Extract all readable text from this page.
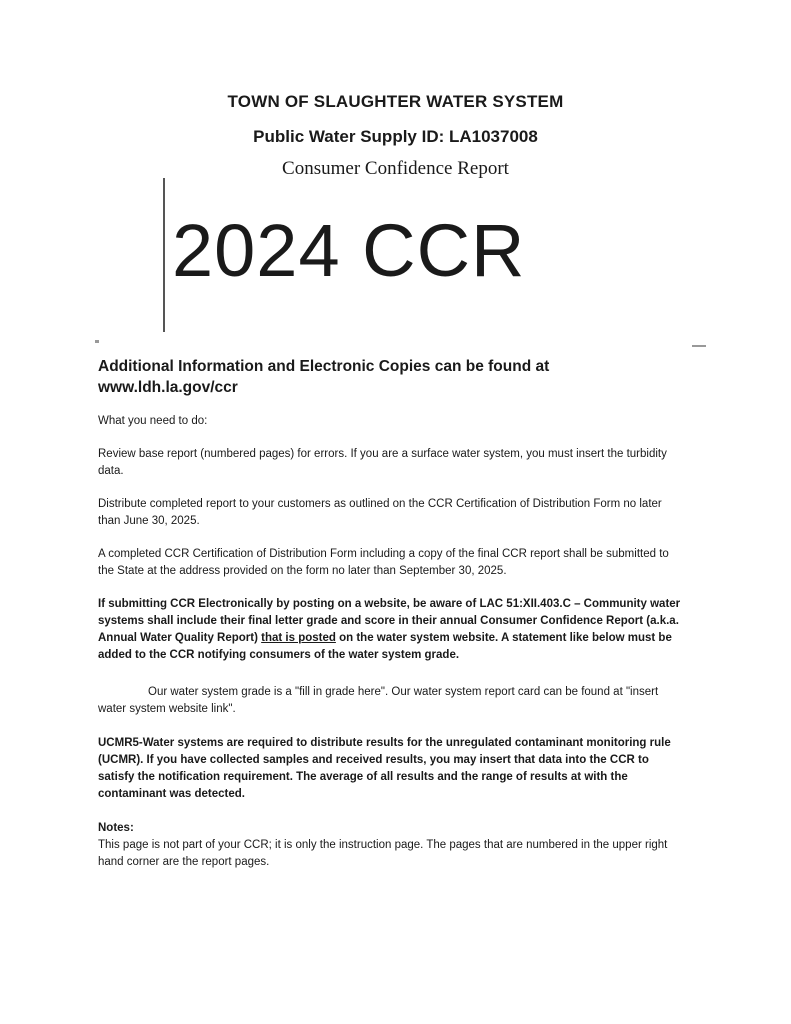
TOWN OF SLAUGHTER WATER SYSTEM
Public Water Supply ID: LA1037008
Consumer Confidence Report
2024 CCR
Additional Information and Electronic Copies can be found at
www.ldh.la.gov/ccr

What you need to do:

Review base report (numbered pages) for errors. If you are a surface water system, you must insert the turbidity data.

Distribute completed report to your customers as outlined on the CCR Certification of Distribution Form no later than June 30, 2025.

A completed CCR Certification of Distribution Form including a copy of the final CCR report shall be submitted to the State at the address provided on the form no later than September 30, 2025.

If submitting CCR Electronically by posting on a website, be aware of LAC 51:XII.403.C – Community water systems shall include their final letter grade and score in their annual Consumer Confidence Report (a.k.a. Annual Water Quality Report) that is posted on the water system website. A statement like below must be added to the CCR notifying consumers of the water system grade.

Our water system grade is a "fill in grade here". Our water system report card can be found at "insert water system website link".

UCMR5-Water systems are required to distribute results for the unregulated contaminant monitoring rule (UCMR). If you have collected samples and received results, you may insert that data into the CCR to satisfy the notification requirement. The average of all results and the range of results at with the contaminant was detected.

Notes:

This page is not part of your CCR; it is only the instruction page. The pages that are numbered in the upper right hand corner are the report pages.
